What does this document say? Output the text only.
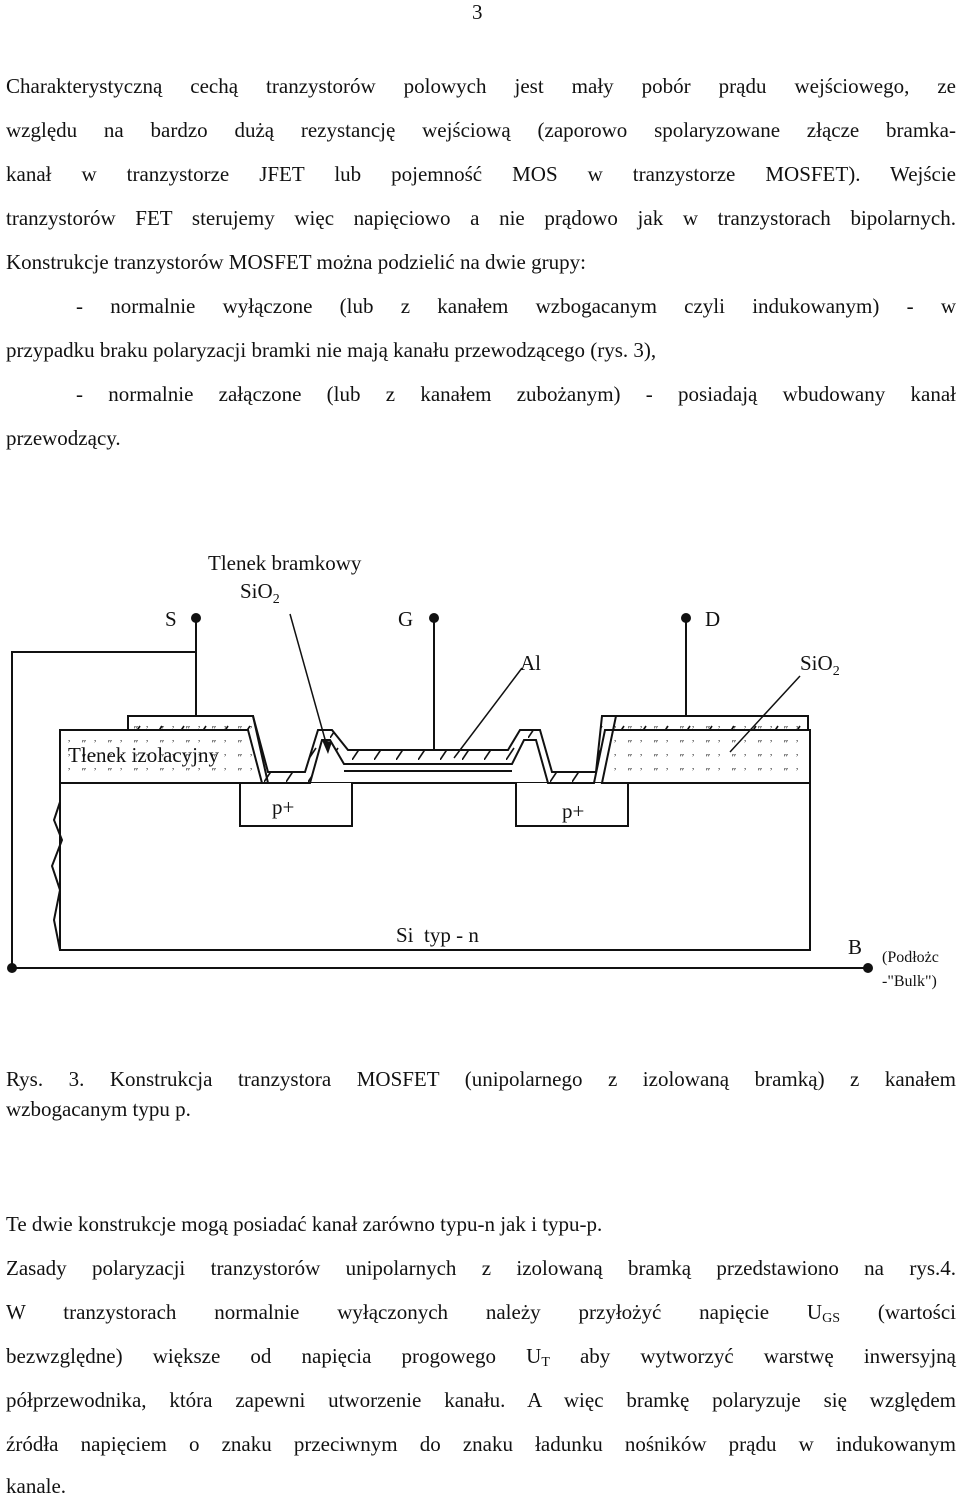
3

Charakterystyczną cechą tranzystorów polowych jest mały pobór prądu wejściowego, ze

względu na bardzo dużą rezystancję wejściową (zaporowo spolaryzowane złącze bramka-

kanał w tranzystorze JFET lub pojemność MOS w tranzystorze MOSFET). Wejście

tranzystorów FET sterujemy więc napięciowo a nie prądowo jak w tranzystorach bipolarnych.

Konstrukcje tranzystorów MOSFET można podzielić na dwie grupy:

- normalnie wyłączone (lub z kanałem wzbogacanym czyli indukowanym) - w

przypadku braku polaryzacji bramki nie mają kanału przewodzącego (rys. 3),

- normalnie załączone (lub z kanałem zubożanym) - posiadają wbudowany kanał

przewodzący.

Tlenek bramkowy
SiO$_2$
S	G	D
Al	SiO$_2$
Tlenek izolacyjny
p+	p+
Si  typ - n	B (Podłożc
-"Bulk")
Rys. 3. Konstrukcja tranzystora MOSFET (unipolarnego z izolowaną bramką) z kanałem
wzbogacanym typu p.

Te dwie konstrukcje mogą posiadać kanał zarówno typu-n jak i typu-p.

Zasady polaryzacji tranzystorów unipolarnych z izolowaną bramką przedstawiono na rys.4.

W tranzystorach normalnie wyłączonych należy przyłożyć napięcie $U_{GS}$ (wartości

bezwzględne) większe od napięcia progowego $U_T$ aby wytworzyć warstwę inwersyjną

półprzewodnika, która zapewni utworzenie kanału. A więc bramkę polaryzuje się względem

źródła napięciem o znaku przeciwnym do znaku ładunku nośników prądu w indukowanym

kanale.
